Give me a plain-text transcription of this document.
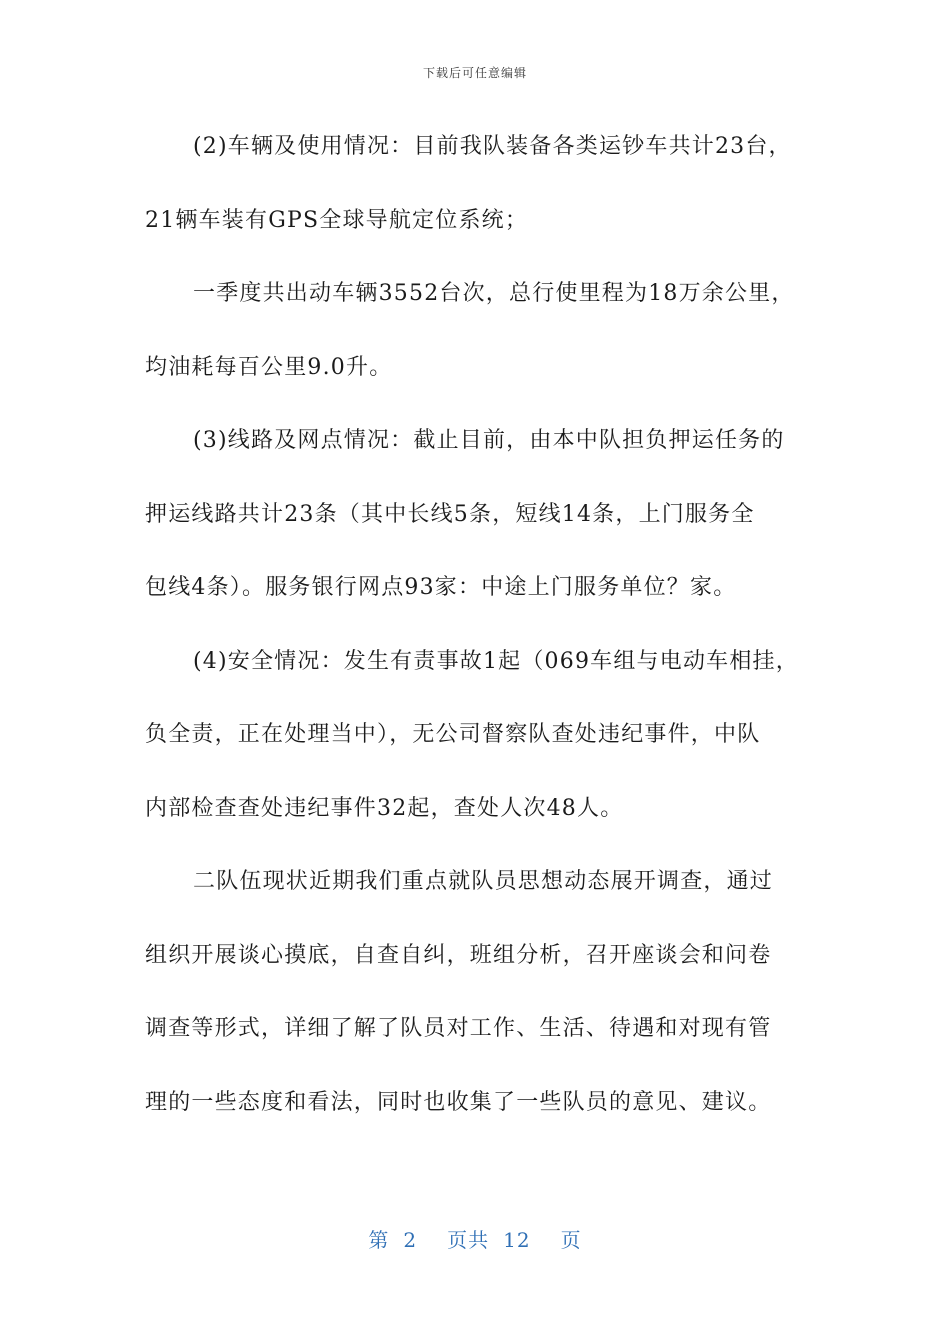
下载后可任意编辑
(2)车辆及使用情况：目前我队装备各类运钞车共计23台，
21辆车装有GPS全球导航定位系统；
一季度共出动车辆3552台次，总行使里程为18万余公里，
均油耗每百公里9.0升。
(3)线路及网点情况：截止目前，由本中队担负押运任务的
押运线路共计23条（其中长线5条，短线14条，上门服务全
包线4条）。服务银行网点93家：中途上门服务单位？家。
(4)安全情况：发生有责事故1起（069车组与电动车相挂，
负全责，正在处理当中），无公司督察队查处违纪事件，中队
内部检查查处违纪事件32起，查处人次48人。
二队伍现状近期我们重点就队员思想动态展开调查，通过
组织开展谈心摸底，自查自纠，班组分析，召开座谈会和问卷
调查等形式，详细了解了队员对工作、生活、待遇和对现有管
理的一些态度和看法，同时也收集了一些队员的意见、建议。
第 2 页共 12 页
